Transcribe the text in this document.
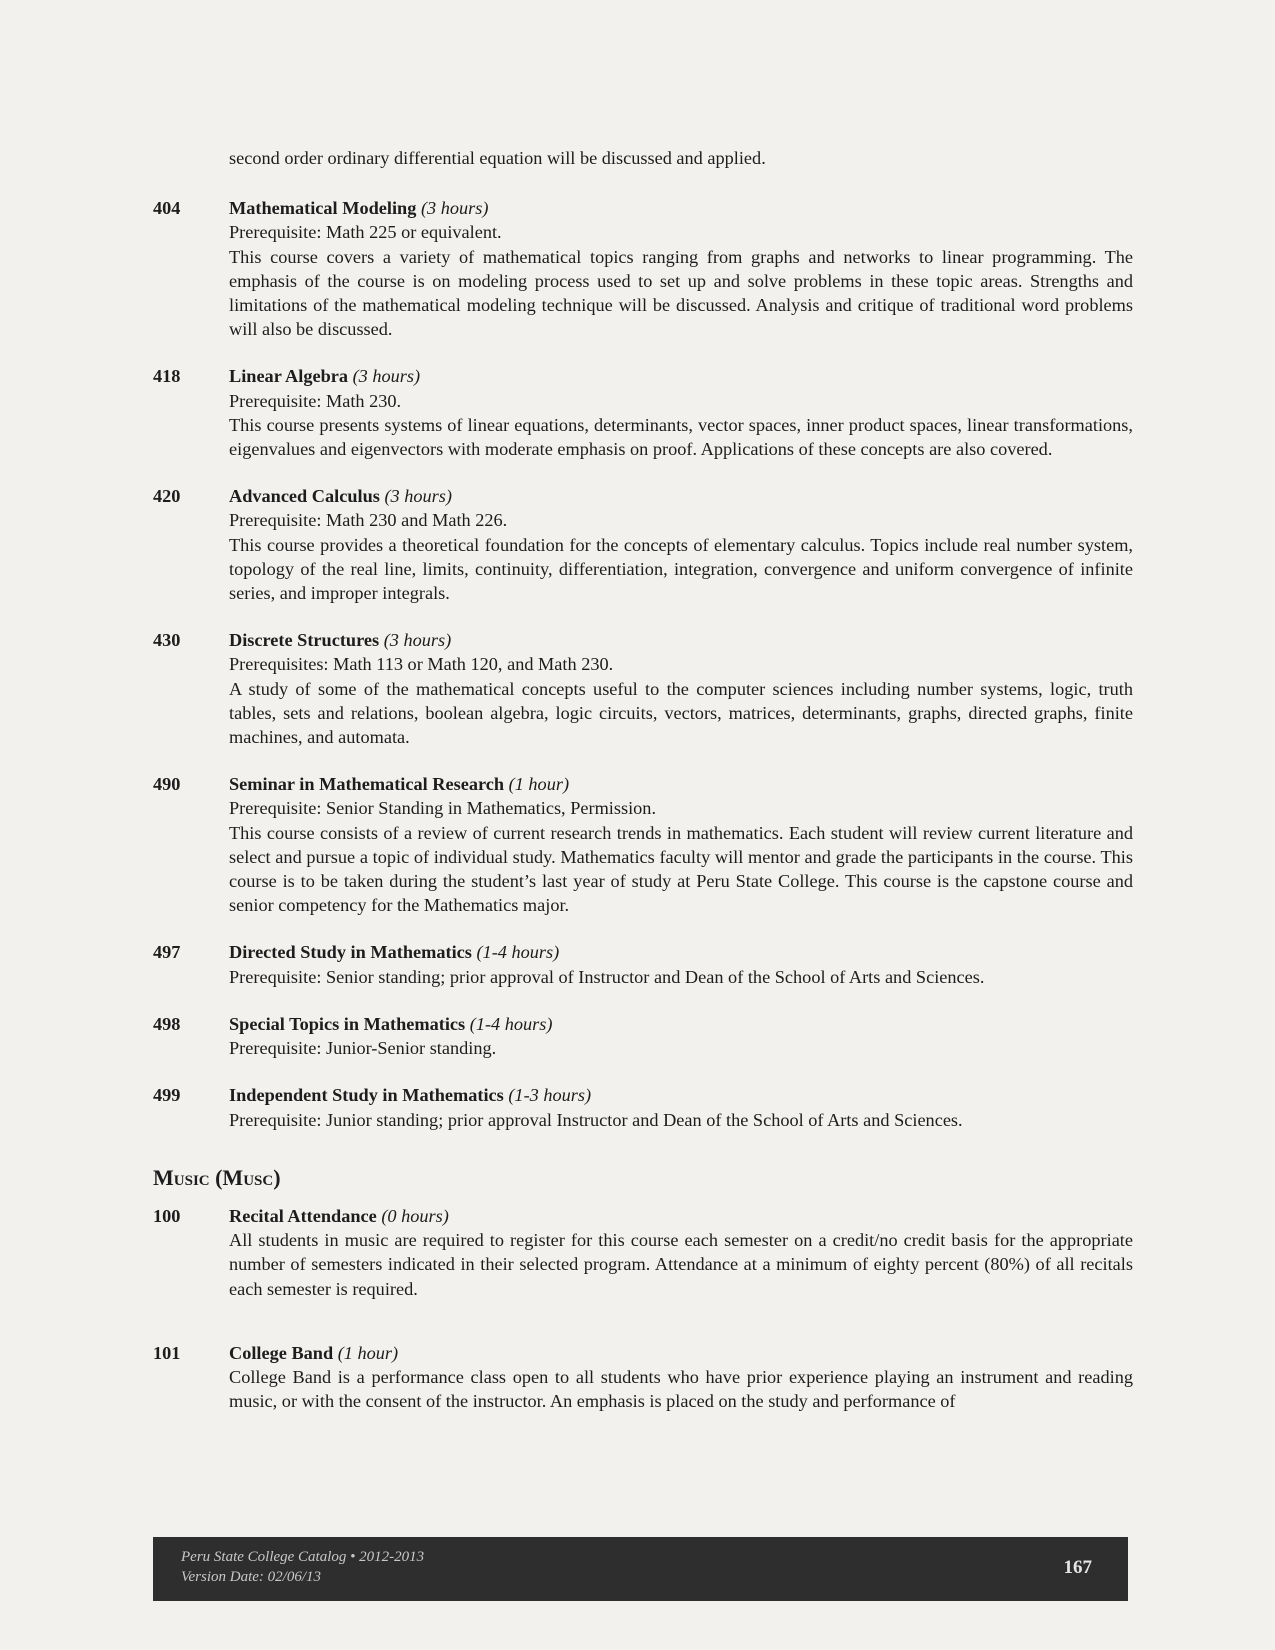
second order ordinary differential equation will be discussed and applied.
404	Mathematical Modeling (3 hours)
Prerequisite: Math 225 or equivalent.
This course covers a variety of mathematical topics ranging from graphs and networks to linear programming. The emphasis of the course is on modeling process used to set up and solve problems in these topic areas. Strengths and limitations of the mathematical modeling technique will be discussed. Analysis and critique of traditional word problems will also be discussed.
418	Linear Algebra (3 hours)
Prerequisite: Math 230.
This course presents systems of linear equations, determinants, vector spaces, inner product spaces, linear transformations, eigenvalues and eigenvectors with moderate emphasis on proof. Applications of these concepts are also covered.
420	Advanced Calculus (3 hours)
Prerequisite: Math 230 and Math 226.
This course provides a theoretical foundation for the concepts of elementary calculus. Topics include real number system, topology of the real line, limits, continuity, differentiation, integration, convergence and uniform convergence of infinite series, and improper integrals.
430	Discrete Structures (3 hours)
Prerequisites: Math 113 or Math 120, and Math 230.
A study of some of the mathematical concepts useful to the computer sciences including number systems, logic, truth tables, sets and relations, boolean algebra, logic circuits, vectors, matrices, determinants, graphs, directed graphs, finite machines, and automata.
490	Seminar in Mathematical Research (1 hour)
Prerequisite: Senior Standing in Mathematics, Permission.
This course consists of a review of current research trends in mathematics. Each student will review current literature and select and pursue a topic of individual study. Mathematics faculty will mentor and grade the participants in the course. This course is to be taken during the student’s last year of study at Peru State College. This course is the capstone course and senior competency for the Mathematics major.
497	Directed Study in Mathematics (1-4 hours)
Prerequisite: Senior standing; prior approval of Instructor and Dean of the School of Arts and Sciences.
498	Special Topics in Mathematics (1-4 hours)
Prerequisite: Junior-Senior standing.
499	Independent Study in Mathematics (1-3 hours)
Prerequisite: Junior standing; prior approval Instructor and Dean of the School of Arts and Sciences.
Music (Musc)
100	Recital Attendance (0 hours)
All students in music are required to register for this course each semester on a credit/no credit basis for the appropriate number of semesters indicated in their selected program. Attendance at a minimum of eighty percent (80%) of all recitals each semester is required.
101	College Band (1 hour)
College Band is a performance class open to all students who have prior experience playing an instrument and reading music, or with the consent of the instructor. An emphasis is placed on the study and performance of
Peru State College Catalog • 2012-2013
Version Date: 02/06/13	167
